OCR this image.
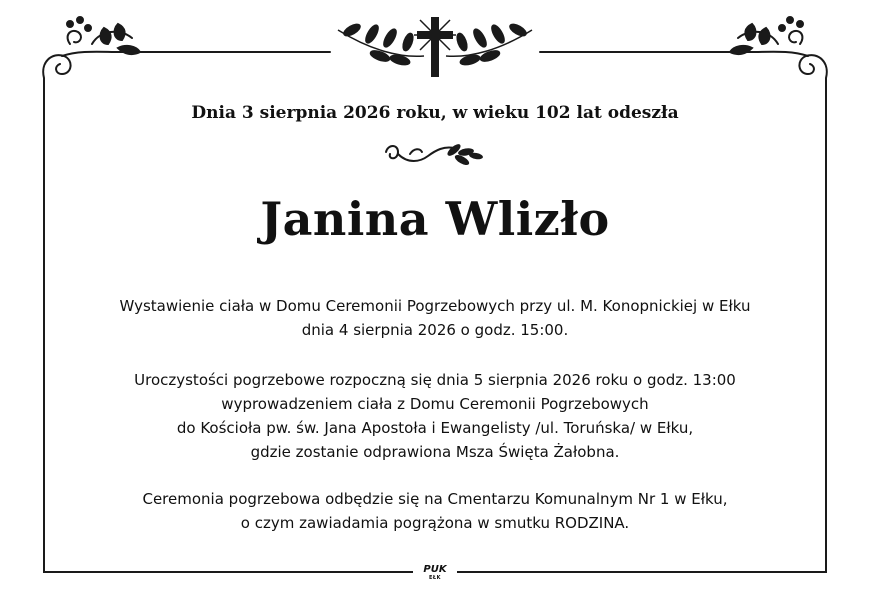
Dnia 3 sierpnia 2026 roku, w wieku 102 lat odeszła
Janina Wlizło
Wystawienie ciała w Domu Ceremonii Pogrzebowych przy ul. M. Konopnickiej w Ełku
dnia 4 sierpnia 2026 o godz. 15:00.
Uroczystości pogrzebowe rozpoczną się dnia 5 sierpnia 2026 roku o godz. 13:00
wyprowadzeniem ciała z Domu Ceremonii Pogrzebowych
do Kościoła pw. św. Jana Apostoła i Ewangelisty /ul. Toruńska/ w Ełku,
gdzie zostanie odprawiona Msza Święta Żałobna.
Ceremonia pogrzebowa odbędzie się na Cmentarzu Komunalnym Nr 1 w Ełku,
o czym zawiadamia pogrążona w smutku RODZINA.
PUK
EŁK
